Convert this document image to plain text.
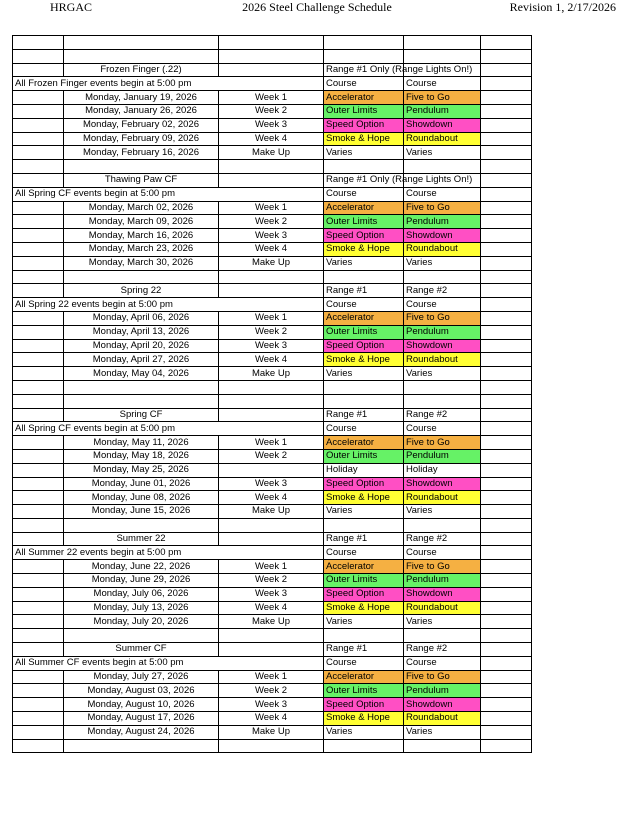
HRGAC	2026 Steel Challenge Schedule	Revision 1, 2/17/2026

	Frozen Finger (.22)		Range #1 Only (Range Lights On!)		

All Frozen Finger events begin at 5:00 pm			Course	Course	
	Monday, January 19, 2026	Week 1	Accelerator	Five to Go	
	Monday, January 26, 2026	Week 2	Outer Limits	Pendulum	
	Monday, February 02, 2026	Week 3	Speed Option	Showdown	
	Monday, February 09, 2026	Week 4	Smoke & Hope	Roundabout	
	Monday, February 16, 2026	Make Up	Varies	Varies	

	Thawing Paw CF		Range #1 Only (Range Lights On!)		

All Spring CF events begin at 5:00 pm			Course	Course	
	Monday, March 02, 2026	Week 1	Accelerator	Five to Go	
	Monday, March 09, 2026	Week 2	Outer Limits	Pendulum	
	Monday, March 16, 2026	Week 3	Speed Option	Showdown	
	Monday, March 23, 2026	Week 4	Smoke & Hope	Roundabout	
	Monday, March 30, 2026	Make Up	Varies	Varies	

	Spring 22		Range #1	Range #2	
All Spring 22 events begin at 5:00 pm			Course	Course	
	Monday, April 06, 2026	Week 1	Accelerator	Five to Go	
	Monday, April 13, 2026	Week 2	Outer Limits	Pendulum	
	Monday, April 20, 2026	Week 3	Speed Option	Showdown	
	Monday, April 27, 2026	Week 4	Smoke & Hope	Roundabout	
	Monday, May 04, 2026	Make Up	Varies	Varies	

	Spring CF		Range #1	Range #2	
All Spring CF events begin at 5:00 pm			Course	Course	
	Monday, May 11, 2026	Week 1	Accelerator	Five to Go	
	Monday, May 18, 2026	Week 2	Outer Limits	Pendulum	
	Monday, May 25, 2026		Holiday	Holiday	
	Monday, June 01, 2026	Week 3	Speed Option	Showdown	
	Monday, June 08, 2026	Week 4	Smoke & Hope	Roundabout	
	Monday, June 15, 2026	Make Up	Varies	Varies	

	Summer 22		Range #1	Range #2	
All Summer 22 events begin at 5:00 pm			Course	Course	
	Monday, June 22, 2026	Week 1	Accelerator	Five to Go	
	Monday, June 29, 2026	Week 2	Outer Limits	Pendulum	
	Monday, July 06, 2026	Week 3	Speed Option	Showdown	
	Monday, July 13, 2026	Week 4	Smoke & Hope	Roundabout	
	Monday, July 20, 2026	Make Up	Varies	Varies	

	Summer CF		Range #1	Range #2	
All Summer CF events begin at 5:00 pm			Course	Course	
	Monday, July 27, 2026	Week 1	Accelerator	Five to Go	
	Monday, August 03, 2026	Week 2	Outer Limits	Pendulum	
	Monday, August 10, 2026	Week 3	Speed Option	Showdown	
	Monday, August 17, 2026	Week 4	Smoke & Hope	Roundabout	
	Monday, August 24, 2026	Make Up	Varies	Varies	
